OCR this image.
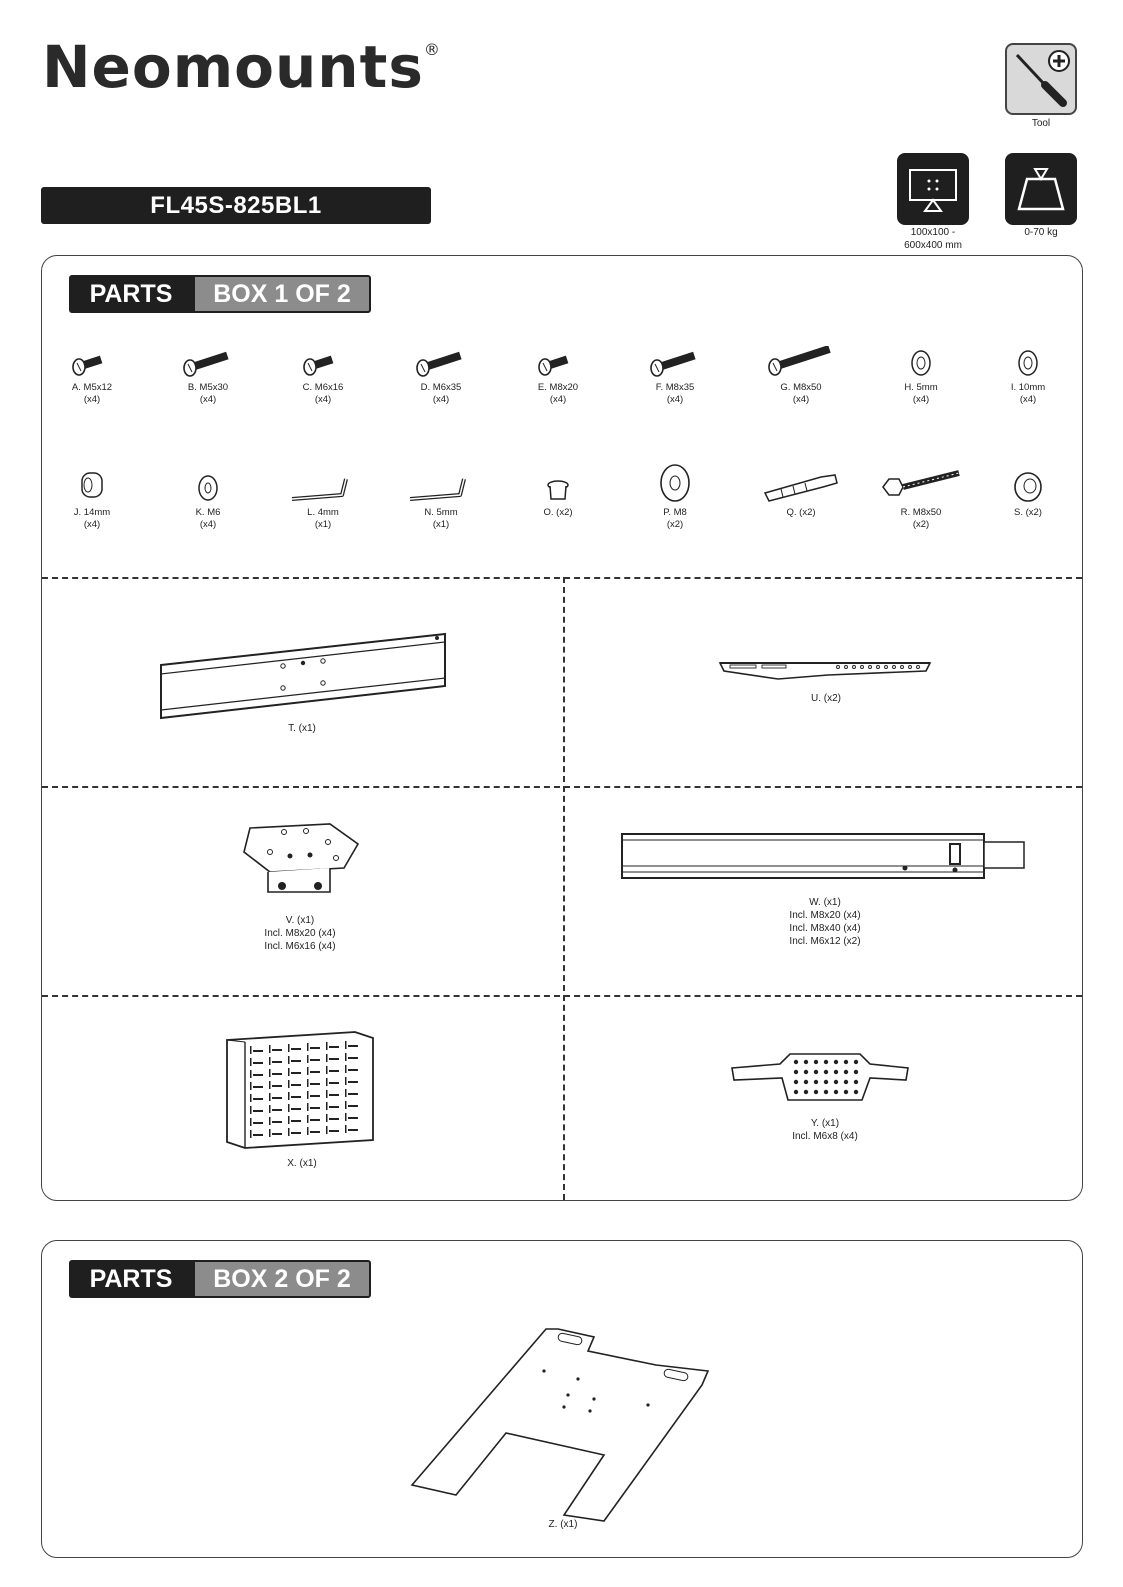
Neomounts®
FL45S-825BL1
Tool
100x100 -
600x400 mm
0-70 kg
PARTS	BOX 1 OF 2
A. M5x12
(x4)
B. M5x30
(x4)
C. M6x16
(x4)
D. M6x35
(x4)
E. M8x20
(x4)
F. M8x35
(x4)
G. M8x50
(x4)
H. 5mm
(x4)
I. 10mm
(x4)
J. 14mm
(x4)
K. M6
(x4)
L. 4mm
(x1)
N. 5mm
(x1)
O. (x2)	P. M8
(x2)
Q. (x2)	R. M8x50
(x2)
S. (x2)
T. (x1)
U. (x2)
V. (x1)
Incl. M8x20 (x4)
Incl. M6x16 (x4)
W. (x1)
Incl. M8x20 (x4)
Incl. M8x40 (x4)
Incl. M6x12 (x2)
X. (x1)
Y. (x1)
Incl. M6x8 (x4)
PARTS	BOX 2 OF 2
Z. (x1)
